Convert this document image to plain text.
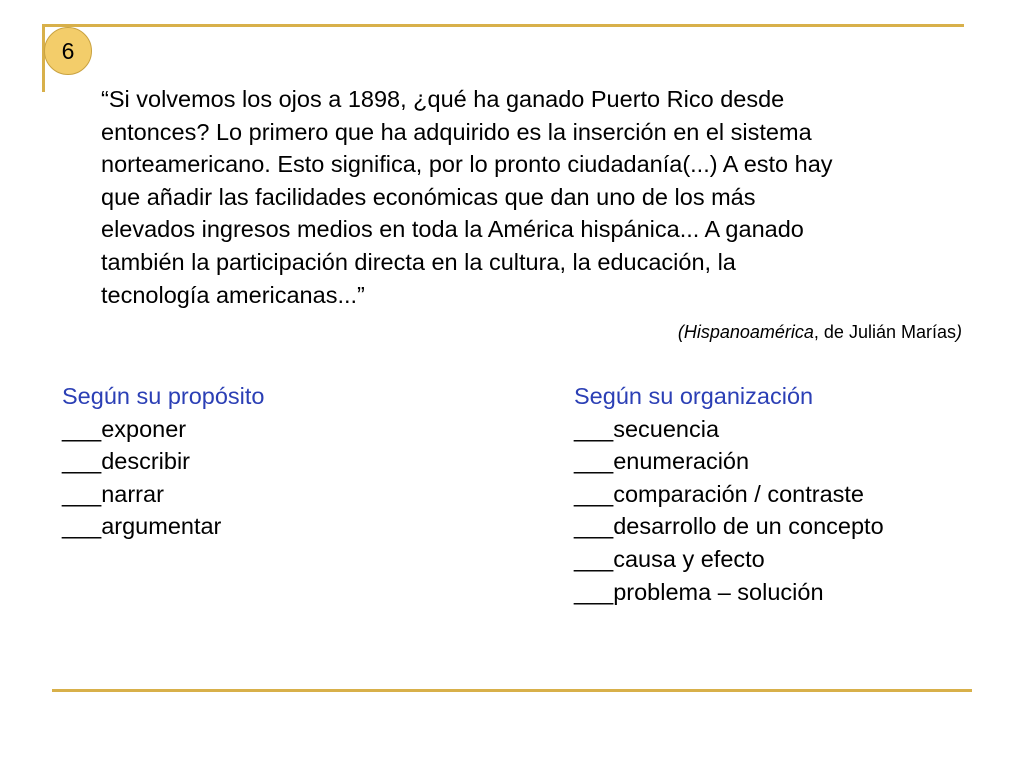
6

“Si volvemos los ojos a 1898, ¿qué ha ganado Puerto Rico desde
entonces? Lo primero que ha adquirido es la inserción en el sistema
norteamericano. Esto significa, por lo pronto ciudadanía(...) A esto hay
que añadir las facilidades económicas que dan uno de los más
elevados ingresos medios en toda la América hispánica... A ganado
también la participación directa en la cultura, la educación, la
tecnología americanas...”

(Hispanoamérica, de Julián Marías)
Según su propósito
___exponer
___describir
___narrar
___argumentar
Según su organización
___secuencia
___enumeración
___comparación / contraste
___desarrollo de un concepto
___causa y efecto
___problema – solución
